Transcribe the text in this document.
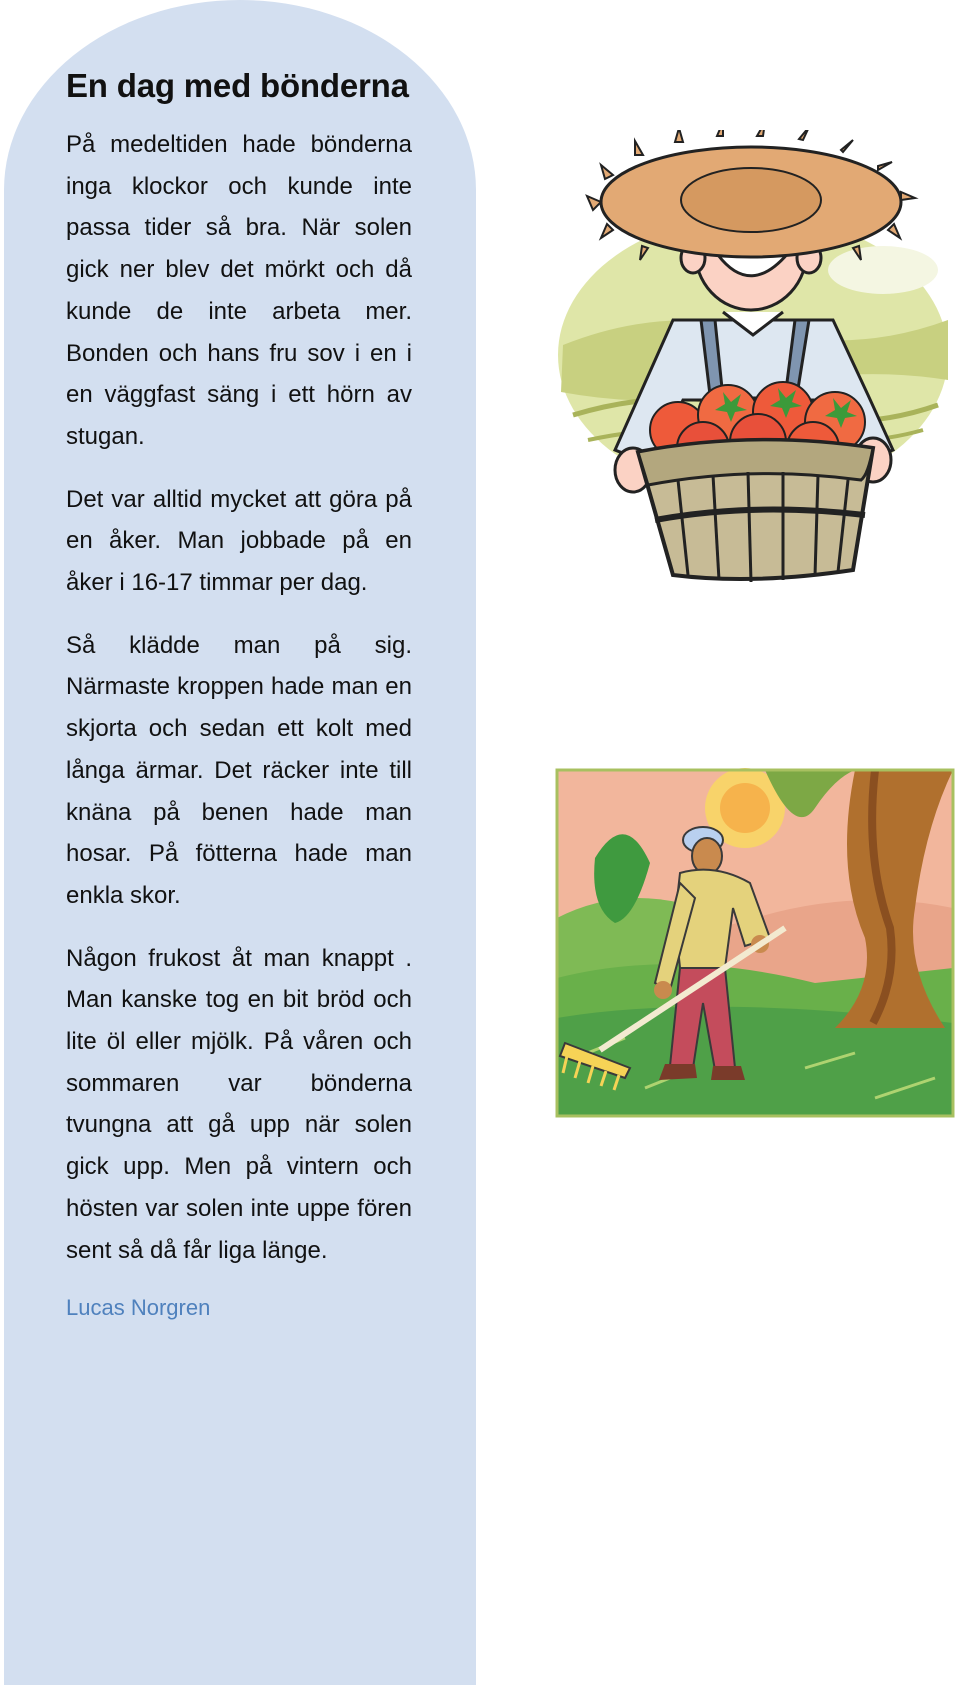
En dag med bönderna

På medeltiden hade bönderna inga klockor och kunde inte passa tider så bra. När solen gick ner blev det mörkt och då kunde de inte arbeta mer. Bonden och hans fru sov i en i en väggfast säng i ett hörn av stugan.

Det var alltid mycket att göra på en åker. Man jobbade på en åker i 16-17 timmar per dag.

Så klädde man på sig. Närmaste kroppen hade man en skjorta och sedan ett kolt med långa ärmar. Det räcker inte till knäna på benen hade man hosar. På fötterna hade man enkla skor.

Någon frukost åt man knappt . Man kanske tog en bit bröd och lite öl eller mjölk. På våren och sommaren var bönderna tvungna att gå upp när solen gick upp. Men på vintern och hösten var solen inte uppe fören sent så då får liga länge.

Lucas Norgren
